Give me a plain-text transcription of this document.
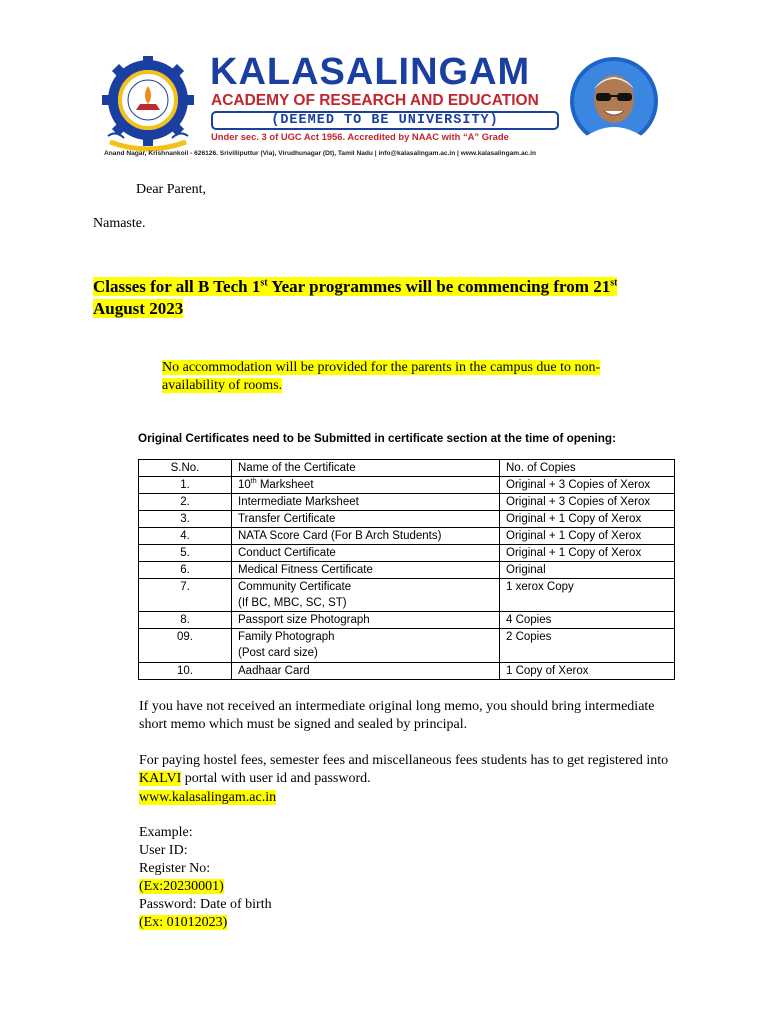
KALASALINGAM
ACADEMY OF RESEARCH AND EDUCATION
(DEEMED TO BE UNIVERSITY)
Under sec. 3 of UGC Act 1956. Accredited by NAAC with “A” Grade
Anand Nagar, Krishnankoil - 626126. Srivilliputtur (Via), Virudhunagar (Dt), Tamil Nadu | info@kalasalingam.ac.in | www.kalasalingam.ac.in
Dear Parent,
Namaste.
Classes for all B Tech 1st Year programmes will be commencing from 21st
August 2023
No accommodation will be provided for the parents in the campus due to non-availability of rooms.
Original Certificates need to be Submitted in certificate section at the time of opening:
S.No.	Name of the Certificate	No. of Copies
1.	10th Marksheet	Original + 3 Copies of Xerox
2.	Intermediate Marksheet	Original + 3 Copies of Xerox
3.	Transfer Certificate	Original + 1 Copy of Xerox
4.	NATA Score Card (For B Arch Students)	Original + 1 Copy of Xerox
5.	Conduct Certificate	Original + 1 Copy of Xerox
6.	Medical Fitness Certificate	Original
7.	Community Certificate
(If BC, MBC, SC, ST)	1 xerox Copy
8.	Passport size Photograph	4 Copies
09.	Family Photograph
(Post card size)	2 Copies
10.	Aadhaar Card	1 Copy of Xerox
If you have not received an intermediate original long memo, you should bring intermediate short memo which must be signed and sealed by principal.
For paying hostel fees, semester fees and miscellaneous fees students has to get registered into KALVI portal with user id and password.
www.kalasalingam.ac.in
Example:
User ID:
Register No:
(Ex:20230001)
Password: Date of birth
(Ex: 01012023)
